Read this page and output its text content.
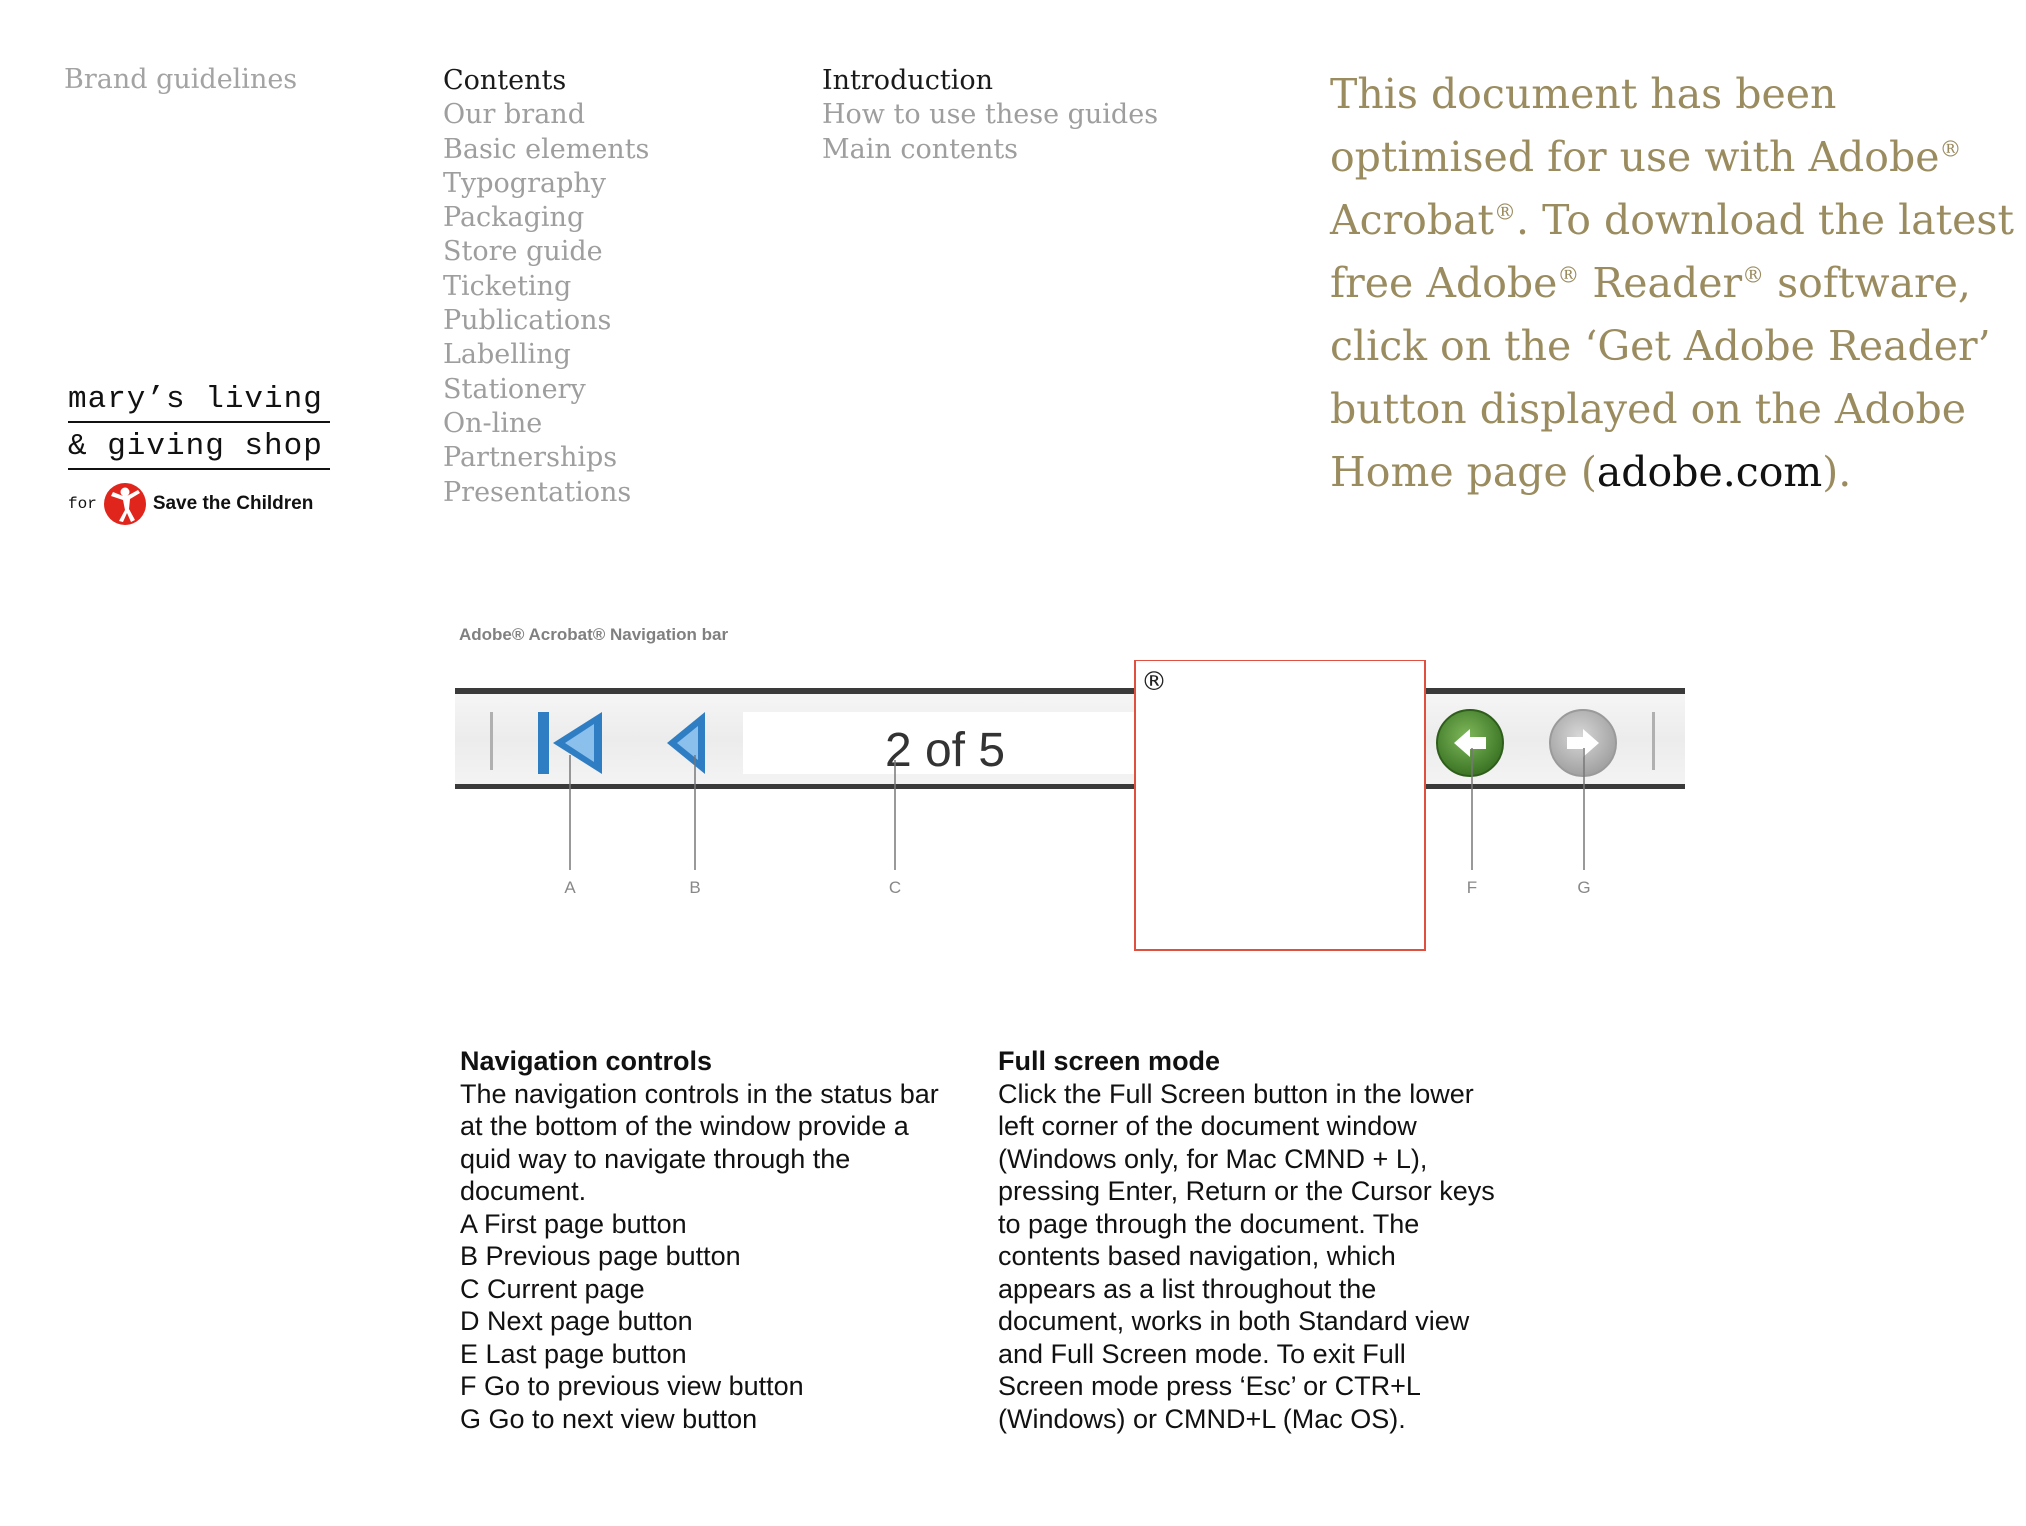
Brand guidelines	Contents
Our brand
Basic elements
Typography
Packaging
Store guide
Ticketing
Publications
Labelling
Stationery
On-line
Partnerships
Presentations
Introduction
How to use these guides
Main contents
This document has been optimised for use with Adobe® Acrobat®. To download the latest free Adobe® Reader® software, click on the ‘Get Adobe Reader’ button displayed on the Adobe Home page (adobe.com).
mary’s living
& giving shop
for	Save the Children
Adobe® Acrobat® Navigation bar
2 of 5
®
A	B	C	F	G
Navigation controls
The navigation controls in the status bar at the bottom of the window provide a quid way to navigate through the document.
A First page button
B Previous page button
C Current page
D Next page button
E Last page button
F Go to previous view button
G Go to next view button
Full screen mode
Click the Full Screen button in the lower left corner of the document window (Windows only, for Mac CMND + L), pressing Enter, Return or the Cursor keys to page through the document. The contents based navigation, which appears as a list throughout the document, works in both Standard view and Full Screen mode. To exit Full Screen mode press ‘Esc’ or CTR+L (Windows) or CMND+L (Mac OS).
